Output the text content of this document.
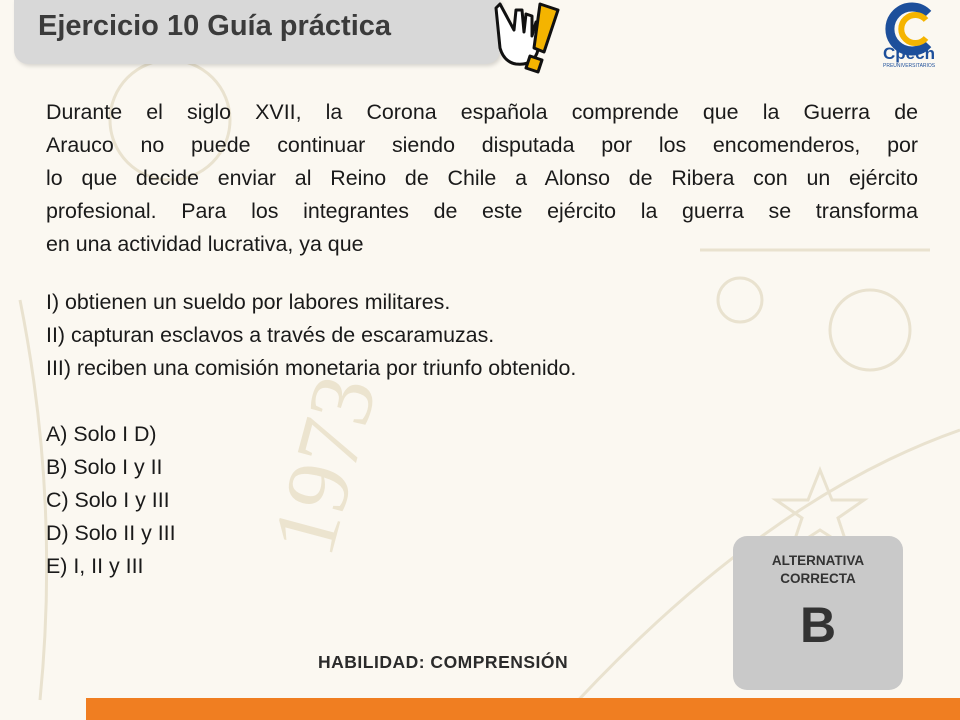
1973
Ejercicio 10 Guía práctica
Cpech
PREUNIVERSITARIOS
Durante el siglo XVII, la Corona española comprende que la Guerra de
Arauco no puede continuar siendo disputada por los encomenderos, por
lo que decide enviar al Reino de Chile a Alonso de Ribera con un ejército
profesional. Para los integrantes de este ejército la guerra se transforma
en una actividad lucrativa, ya que
I) obtienen un sueldo por labores militares.
II) capturan esclavos a través de escaramuzas.
III) reciben una comisión monetaria por triunfo obtenido.
A) Solo I D)
B) Solo I y II
C) Solo I y III
D) Solo II y III
E) I, II y III	ALTERNATIVA
CORRECTA
B
HABILIDAD: COMPRENSIÓN
